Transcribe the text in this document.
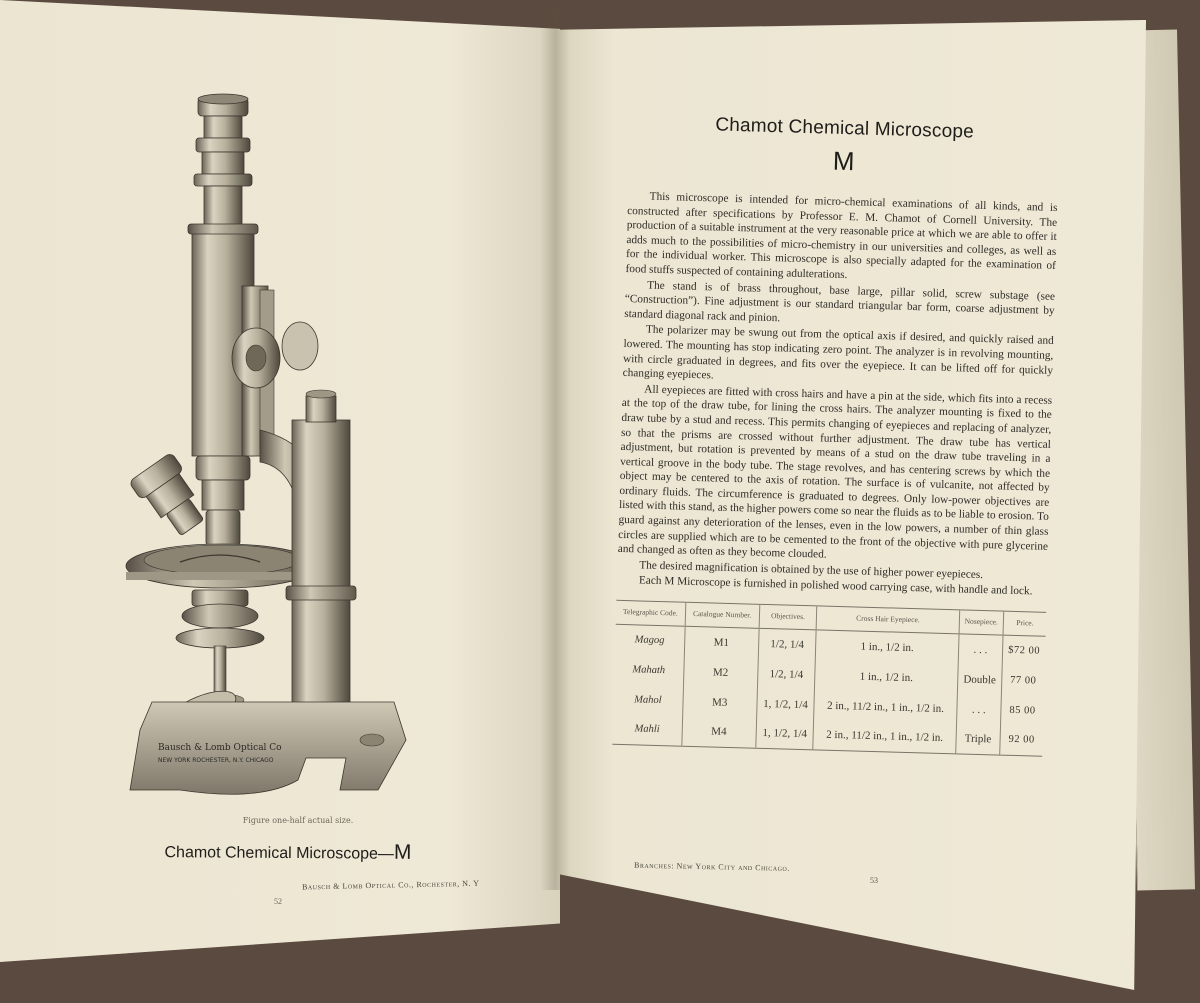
Bausch & Lomb Optical Co
NEW YORK ROCHESTER, N.Y. CHICAGO
Figure one-half actual size.
Chamot Chemical Microscope—M
Bausch & Lomb Optical Co., Rochester, N. Y
52
Chamot Chemical Microscope
M

This microscope is intended for micro-chemical examinations of all kinds, and is constructed after specifications by Professor E. M. Chamot of Cornell University. The production of a suitable instrument at the very reasonable price at which we are able to offer it adds much to the possibilities of micro-chemistry in our universities and colleges, as well as for the individual worker. This microscope is also specially adapted for the examination of food stuffs suspected of containing adulterations.

The stand is of brass throughout, base large, pillar solid, screw substage (see “Construction”). Fine adjustment is our standard triangular bar form, coarse adjustment by standard diagonal rack and pinion.

The polarizer may be swung out from the optical axis if desired, and quickly raised and lowered. The mounting has stop indicating zero point. The analyzer is in revolving mounting, with circle graduated in degrees, and fits over the eyepiece. It can be lifted off for quickly changing eyepieces.

All eyepieces are fitted with cross hairs and have a pin at the side, which fits into a recess at the top of the draw tube, for lining the cross hairs. The analyzer mounting is fixed to the draw tube by a stud and recess. This permits changing of eyepieces and replacing of analyzer, so that the prisms are crossed without further adjustment. The draw tube has vertical adjustment, but rotation is prevented by means of a stud on the draw tube traveling in a vertical groove in the body tube. The stage revolves, and has centering screws by which the object may be centered to the axis of rotation. The surface is of vulcanite, not affected by ordinary fluids. The circumference is graduated to degrees. Only low-power objectives are listed with this stand, as the higher powers come so near the fluids as to be liable to erosion. To guard against any deterioration of the lenses, even in the low powers, a number of thin glass circles are supplied which are to be cemented to the front of the objective with pure glycerine and changed as often as they become clouded.

The desired magnification is obtained by the use of higher power eyepieces.

Each M Microscope is furnished in polished wood carrying case, with handle and lock.

Telegraphic Code.	Catalogue Number.	Objectives.	Cross Hair Eyepiece.	Nosepiece.	Price.
Magog	M1	1/2, 1/4	1 in., 1/2 in.	. . .	$72 00
Mahath	M2	1/2, 1/4	1 in., 1/2 in.	Double	77 00
Mahol	M3	1, 1/2, 1/4	2 in., 11/2 in., 1 in., 1/2 in.	. . .	85 00
Mahli	M4	1, 1/2, 1/4	2 in., 11/2 in., 1 in., 1/2 in.	Triple	92 00
Branches: New York City and Chicago.
53
